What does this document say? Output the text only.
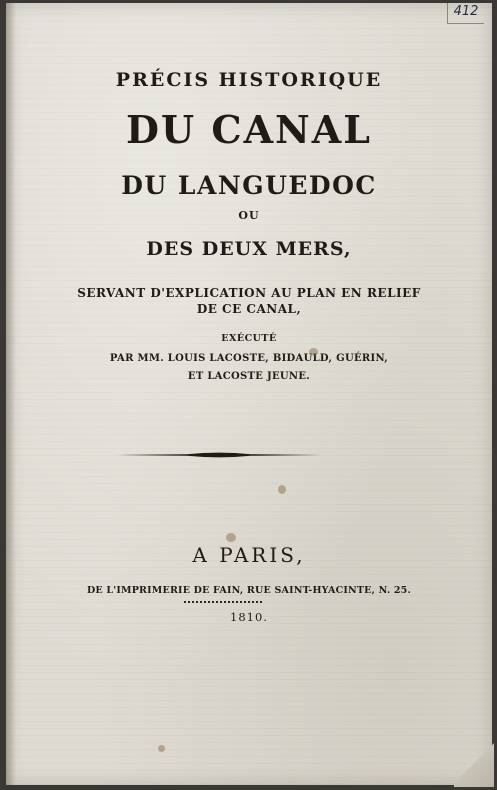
412

PRÉCIS HISTORIQUE

DU CANAL

DU LANGUEDOC

OU

DES DEUX MERS,

SERVANT D'EXPLICATION AU PLAN EN RELIEF

DE CE CANAL,

EXÉCUTÉ

PAR MM. LOUIS LACOSTE, BIDAULD, GUÉRIN,

ET LACOSTE JEUNE.

A PARIS,

DE L'IMPRIMERIE DE FAIN, RUE SAINT-HYACINTE, N. 25.

1810.
